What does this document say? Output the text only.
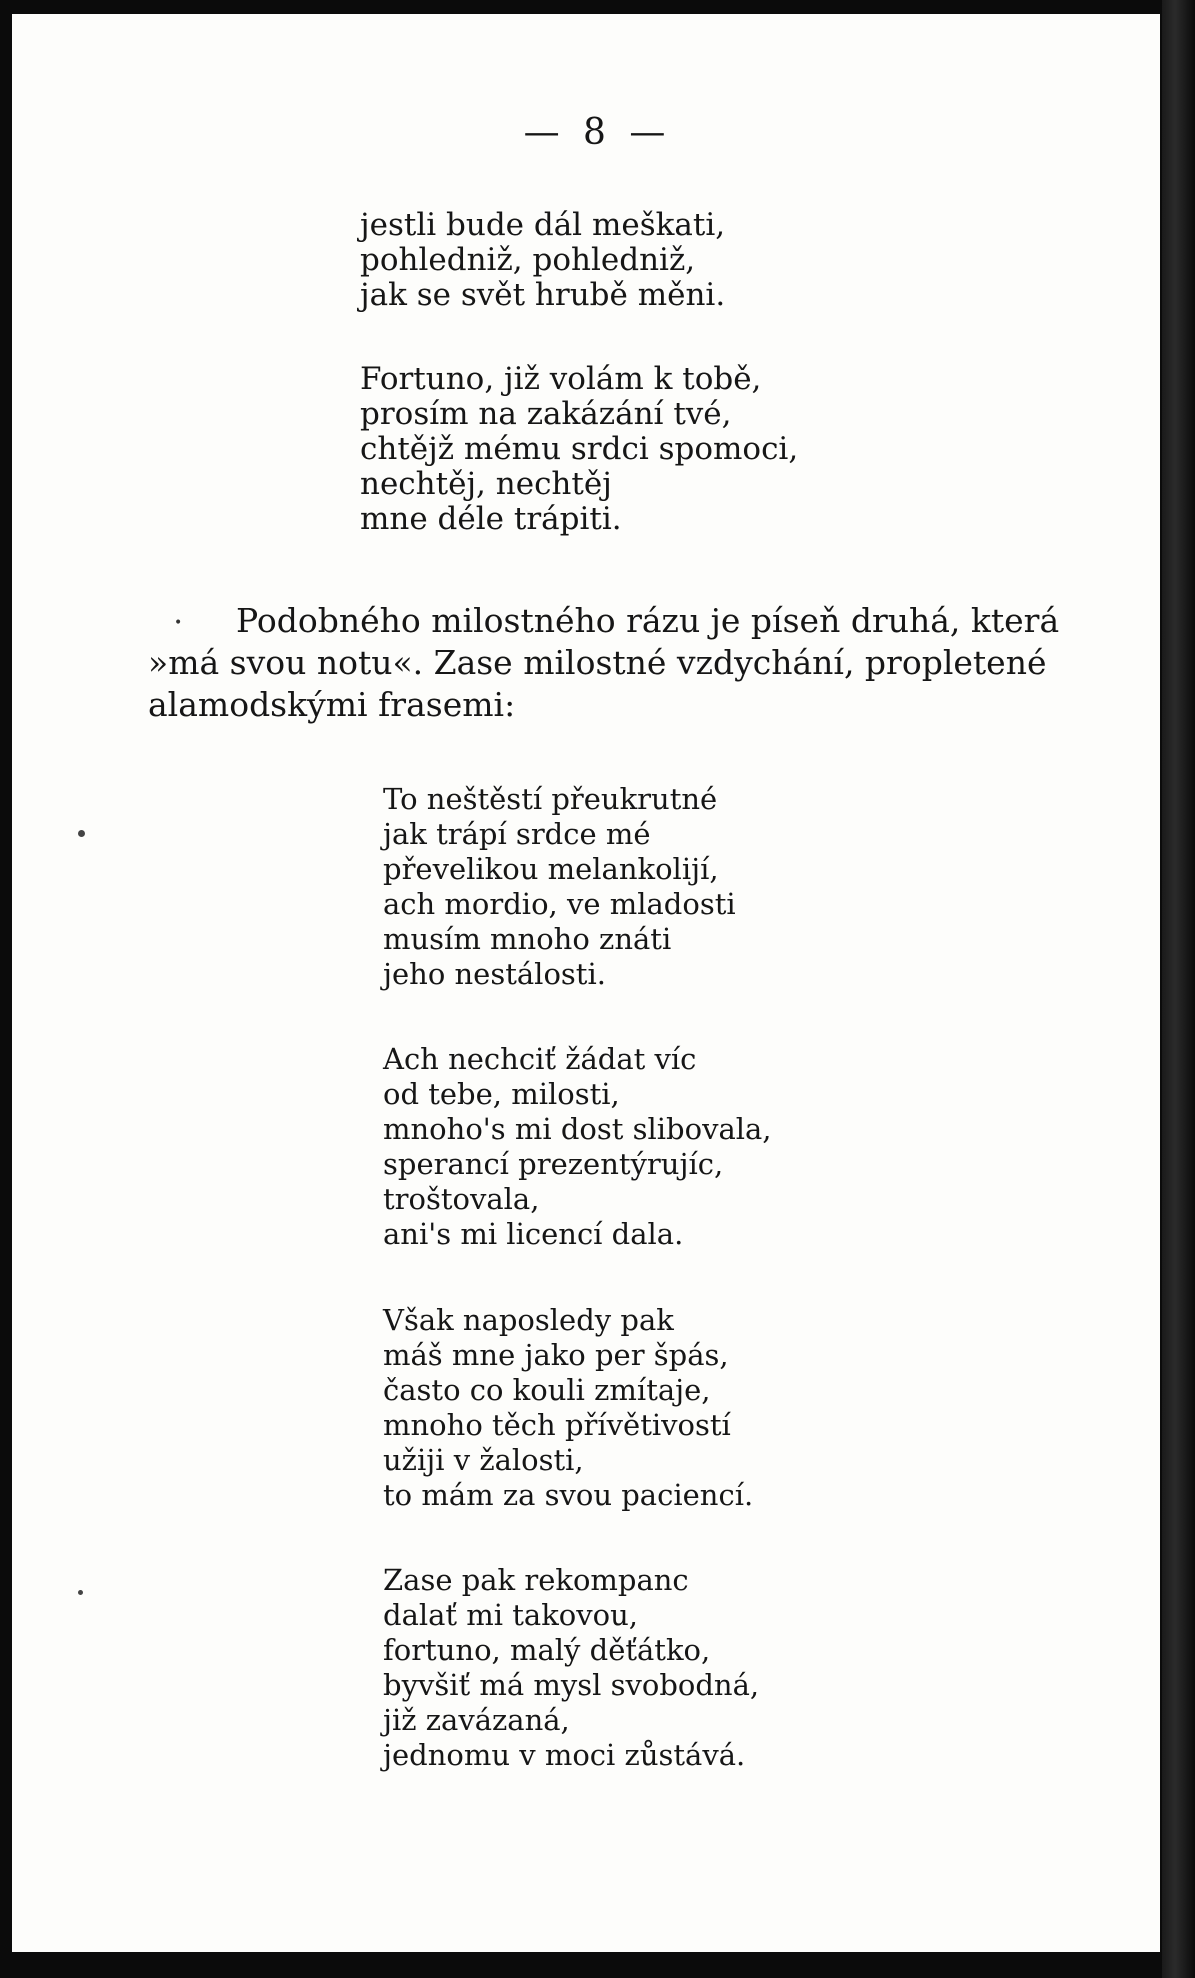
— 8 —
jestli bude dál meškati,
pohledniž, pohledniž,
jak se svět hrubě měni.
Fortuno, již volám k tobě,
prosím na zakázání tvé,
chtějž mému srdci spomoci,
nechtěj, nechtěj
mne déle trápiti.
•	Podobného milostného rázu je píseň druhá, která
»má svou notu«. Zase milostné vzdychání, propletené
alamodskými frasemi:
To neštěstí přeukrutné
jak trápí srdce mé
převelikou melankolijí,
ach mordio, ve mladosti
musím mnoho znáti
jeho nestálosti.
Ach nechciť žádat víc
od tebe, milosti,
mnoho's mi dost slibovala,
sperancí prezentýrujíc,
troštovala,
ani's mi licencí dala.
Však naposledy pak
máš mne jako per špás,
často co kouli zmítaje,
mnoho těch přívětivostí
užiji v žalosti,
to mám za svou paciencí.
Zase pak rekompanc
dalať mi takovou,
fortuno, malý děťátko,
byvšiť má mysl svobodná,
již zavázaná,
jednomu v moci zůstává.
